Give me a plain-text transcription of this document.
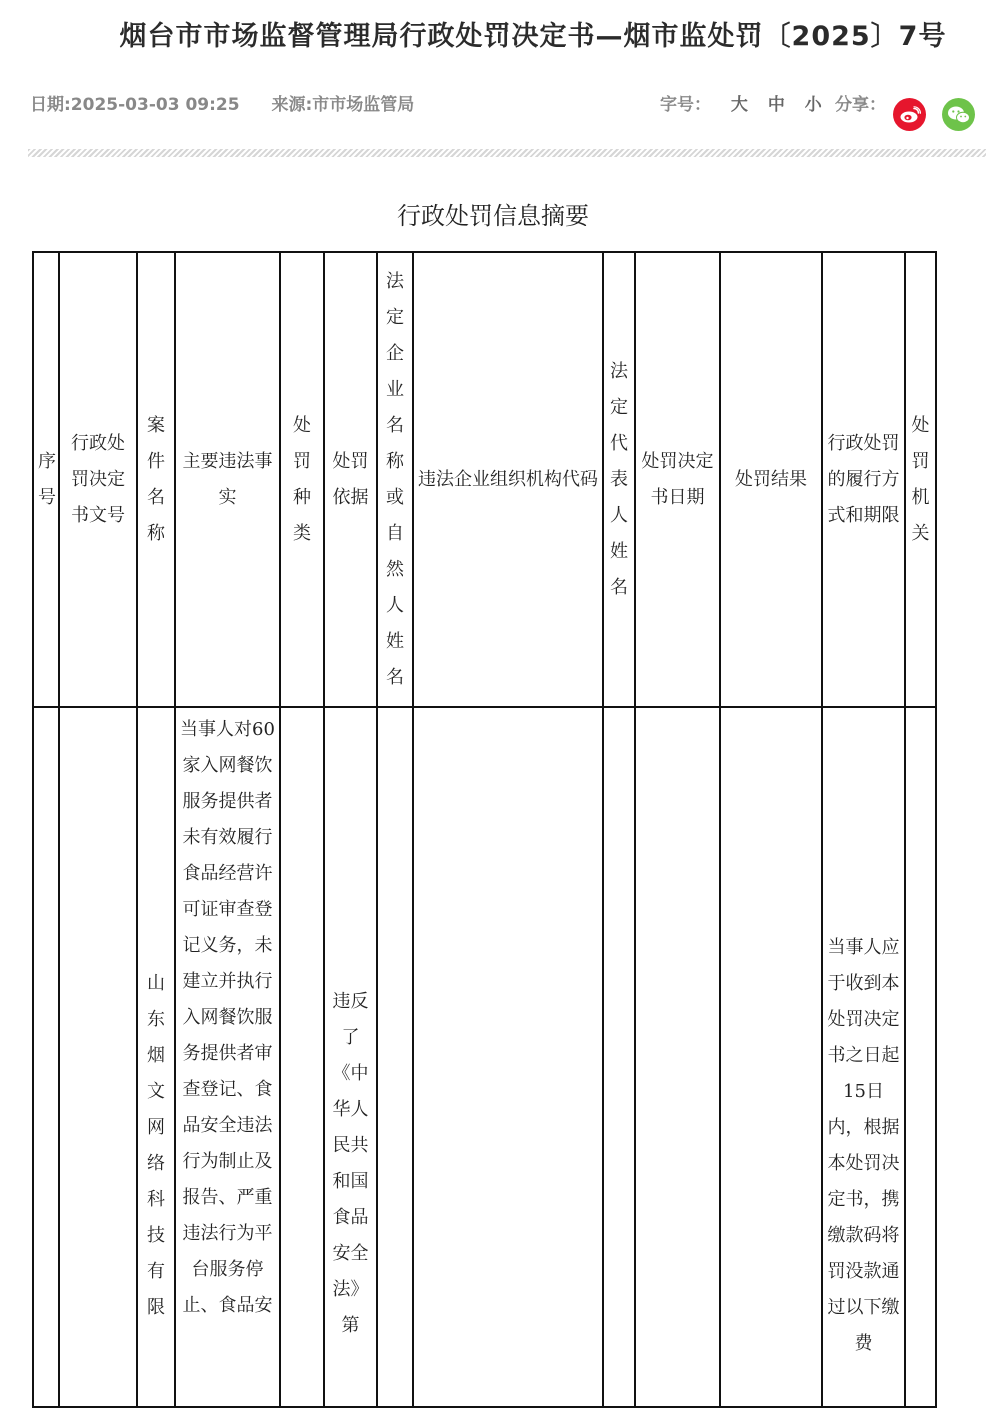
烟台市市场监督管理局行政处罚决定书—烟市监处罚〔2025〕7号
日期:2025-03-03 09:25 来源:市市场监管局	字号： 大 中 小 分享：
行政处罚信息摘要
序号	行政处罚决定书文号	案件名称	主要违法事实	处罚种类	处罚依据	法定企业名称或自然人姓名	违法企业组织机构代码	法定代表人姓名	处罚决定书日期	处罚结果	行政处罚的履行方式和期限	处罚机关
		山东烟文网络科技有限	当事人对60家入网餐饮服务提供者未有效履行食品经营许可证审查登记义务，未建立并执行入网餐饮服务提供者审查登记、食品安全违法行为制止及报告、严重违法行为平台服务停止、食品安		违反了《中华人民共和国食品安全法》第						当事人应于收到本处罚决定书之日起15日内，根据本处罚决定书，携缴款码将罚没款通过以下缴费	
